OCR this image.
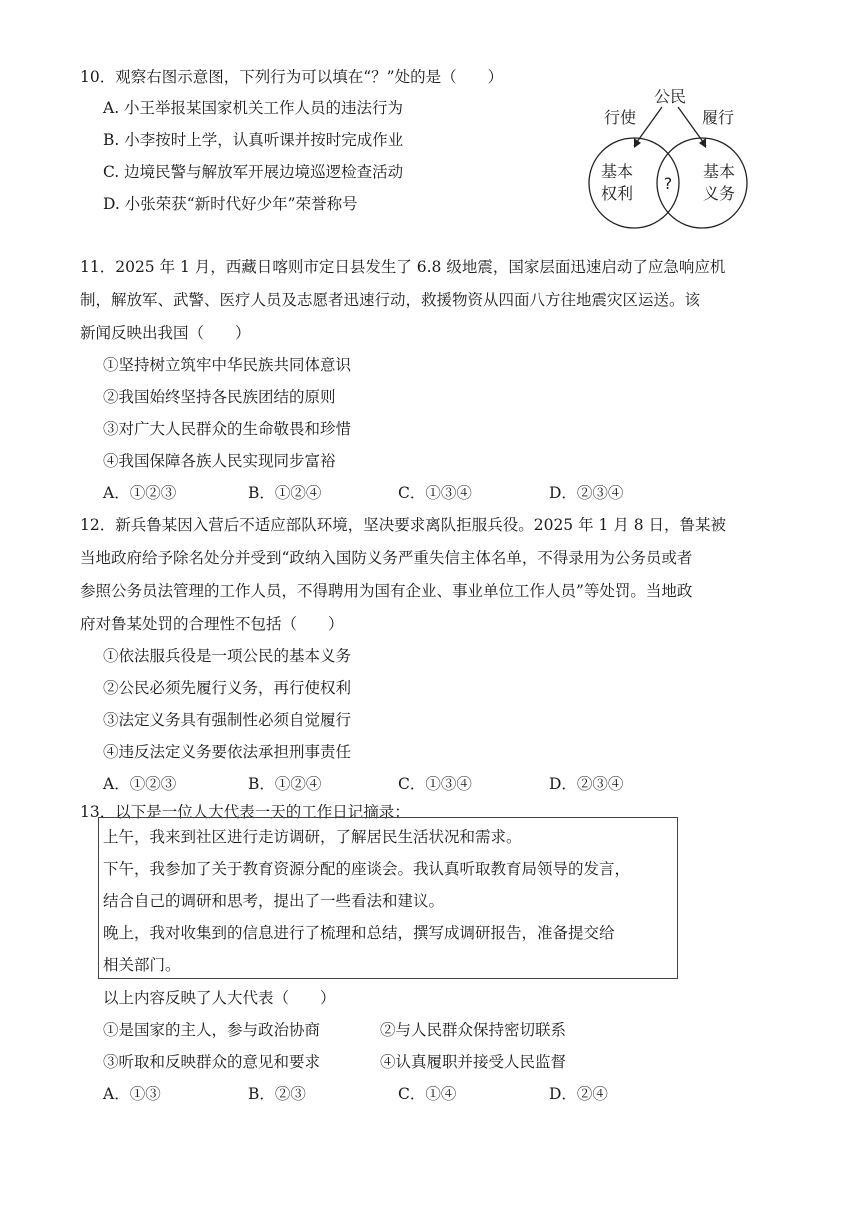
10．观察右图示意图，下列行为可以填在“？”处的是（　　）
A. 小王举报某国家机关工作人员的违法行为
B. 小李按时上学，认真听课并按时完成作业
C. 边境民警与解放军开展边境巡逻检查活动
D. 小张荣获“新时代好少年”荣誉称号
公民
行使	履行
基本
权利
基本
义务
?
11．2025 年 1 月，西藏日喀则市定日县发生了 6.8 级地震，国家层面迅速启动了应急响应机
制，解放军、武警、医疗人员及志愿者迅速行动，救援物资从四面八方往地震灾区运送。该
新闻反映出我国（　　）
①坚持树立筑牢中华民族共同体意识
②我国始终坚持各民族团结的原则
③对广大人民群众的生命敬畏和珍惜
④我国保障各族人民实现同步富裕
A．①②③	B．①②④	C．①③④	D．②③④
12．新兵鲁某因入营后不适应部队环境，坚决要求离队拒服兵役。2025 年 1 月 8 日，鲁某被
当地政府给予除名处分并受到“政纳入国防义务严重失信主体名单，不得录用为公务员或者
参照公务员法管理的工作人员，不得聘用为国有企业、事业单位工作人员”等处罚。当地政
府对鲁某处罚的合理性不包括（　　）
①依法服兵役是一项公民的基本义务
②公民必须先履行义务，再行使权利
③法定义务具有强制性必须自觉履行
④违反法定义务要依法承担刑事责任
A．①②③	B．①②④	C．①③④	D．②③④
13．以下是一位人大代表一天的工作日记摘录：
上午，我来到社区进行走访调研，了解居民生活状况和需求。
下午，我参加了关于教育资源分配的座谈会。我认真听取教育局领导的发言，
结合自己的调研和思考，提出了一些看法和建议。
晚上，我对收集到的信息进行了梳理和总结，撰写成调研报告，准备提交给
相关部门。
以上内容反映了人大代表（　　）
①是国家的主人，参与政治协商	②与人民群众保持密切联系
③听取和反映群众的意见和要求	④认真履职并接受人民监督
A．①③	B．②③	C．①④	D．②④
